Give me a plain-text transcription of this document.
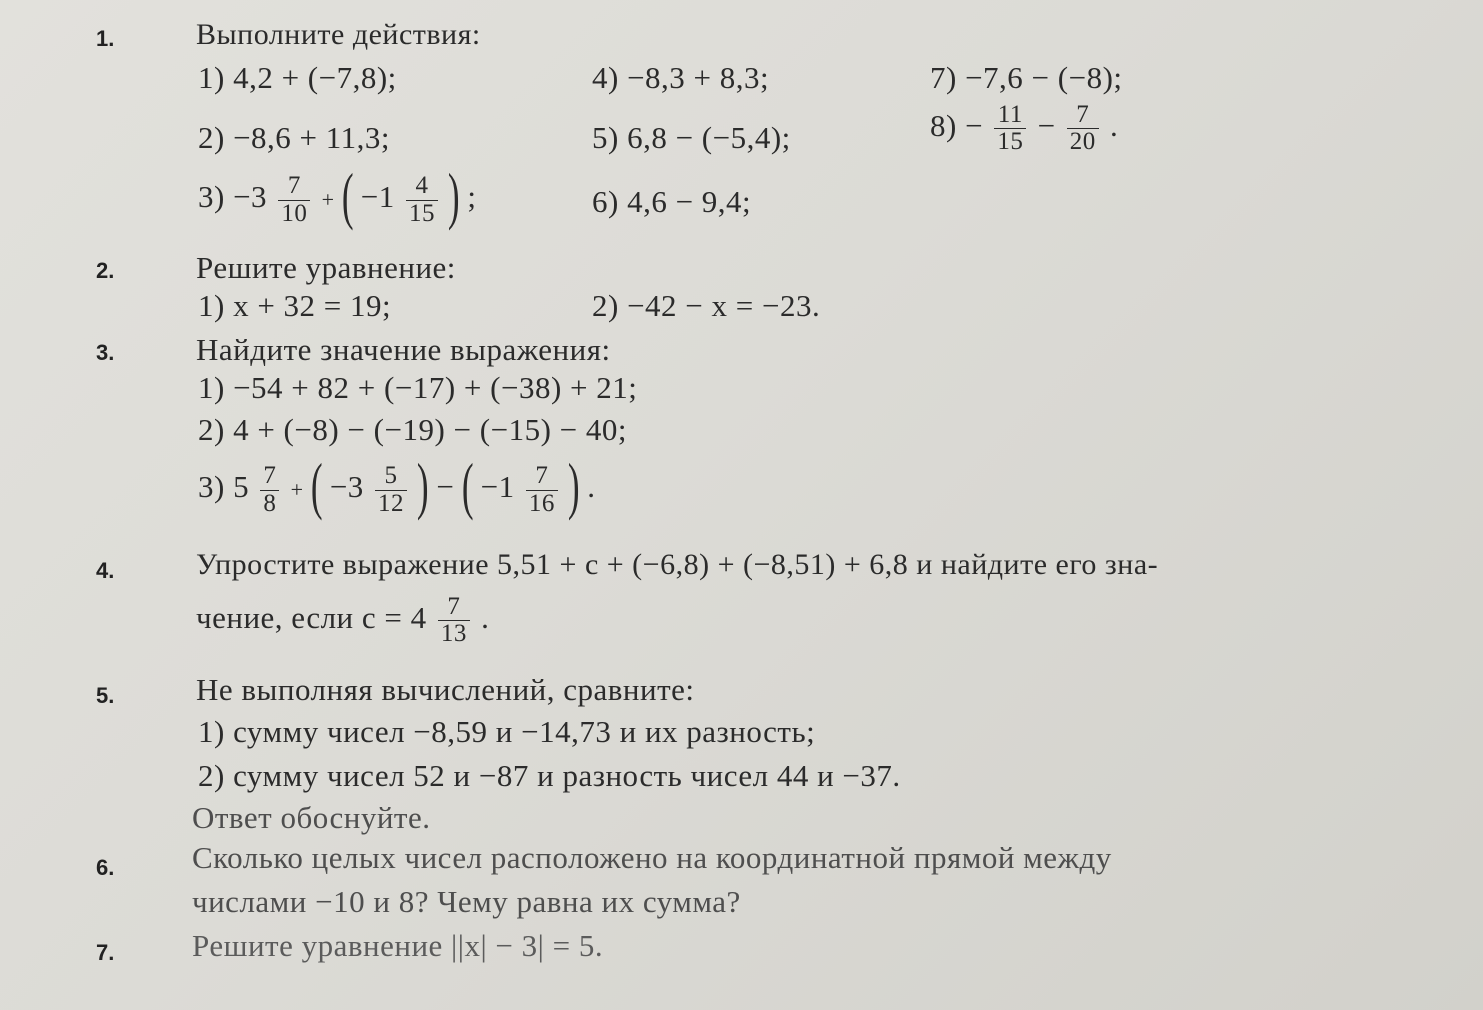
1.	Выполните действия:
1) 4,2 + (−7,8);	4) −8,3 + 8,3;	7) −7,6 − (−8);
2) −8,6 + 11,3;	5) 6,8 − (−5,4);	$8) - \frac{11}{15} - \frac{7}{20}$ .
$3) -3 \frac{7}{10}$ + ( $-1 \frac{4}{15}$ ) ;	6) 4,6 − 9,4;
2.	Решите уравнение:
1) x + 32 = 19;	2) −42 − x = −23.
3.	Найдите значение выражения:
1) −54 + 82 + (−17) + (−38) + 21;
2) 4 + (−8) − (−19) − (−15) − 40;
3) $5 \frac{7}{8}$ + ( $-3 \frac{5}{12}$ ) − ( $-1 \frac{7}{16}$ ) .
4.	Упростите выражение 5,51 + c + (−6,8) + (−8,51) + 6,8 и найдите его зна-
чение, если $c = 4 \frac{7}{13}$ .
5.	Не выполняя вычислений, сравните:
1) сумму чисел −8,59 и −14,73 и их разность;
2) сумму чисел 52 и −87 и разность чисел 44 и −37.
Ответ обоснуйте.
6.	Сколько целых чисел расположено на координатной прямой между
числами −10 и 8? Чему равна их сумма?
7.	Решите уравнение ||x| − 3| = 5.
